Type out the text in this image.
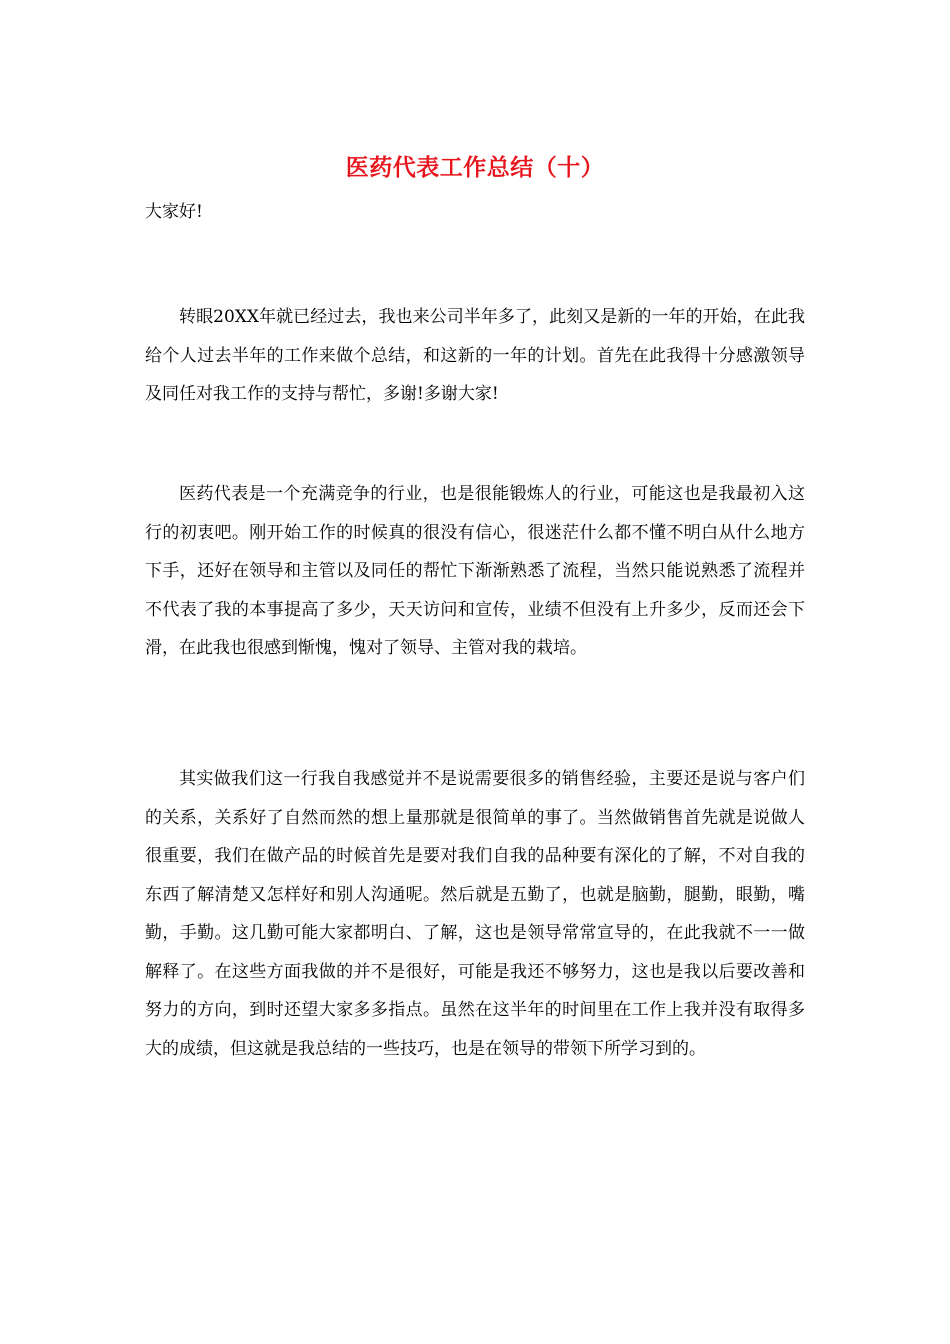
医药代表工作总结（十）
大家好!

转眼20XX年就已经过去，我也来公司半年多了，此刻又是新的一年的开始，在此我给个人过去半年的工作来做个总结，和这新的一年的计划。首先在此我得十分感激领导及同任对我工作的支持与帮忙，多谢!多谢大家!

医药代表是一个充满竞争的行业，也是很能锻炼人的行业，可能这也是我最初入这行的初衷吧。刚开始工作的时候真的很没有信心，很迷茫什么都不懂不明白从什么地方下手，还好在领导和主管以及同任的帮忙下渐渐熟悉了流程，当然只能说熟悉了流程并不代表了我的本事提高了多少，天天访问和宣传，业绩不但没有上升多少，反而还会下滑，在此我也很感到惭愧，愧对了领导、主管对我的栽培。

其实做我们这一行我自我感觉并不是说需要很多的销售经验，主要还是说与客户们的关系，关系好了自然而然的想上量那就是很简单的事了。当然做销售首先就是说做人很重要，我们在做产品的时候首先是要对我们自我的品种要有深化的了解，不对自我的东西了解清楚又怎样好和别人沟通呢。然后就是五勤了，也就是脑勤，腿勤，眼勤，嘴勤，手勤。这几勤可能大家都明白、了解，这也是领导常常宣导的，在此我就不一一做解释了。在这些方面我做的并不是很好，可能是我还不够努力，这也是我以后要改善和努力的方向，到时还望大家多多指点。虽然在这半年的时间里在工作上我并没有取得多大的成绩，但这就是我总结的一些技巧，也是在领导的带领下所学习到的。
